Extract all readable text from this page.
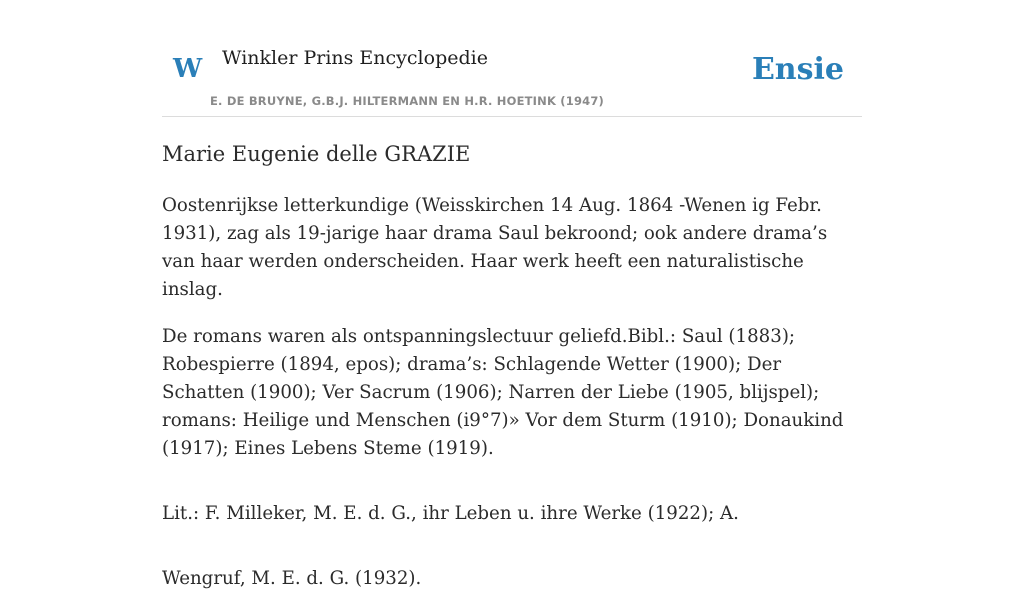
W Winkler Prins Encyclopedie
E. DE BRUYNE, G.B.J. HILTERMANN EN H.R. HOETINK (1947)
Ensie
Marie Eugenie delle GRAZIE

Oostenrijkse letterkundige (Weisskirchen 14 Aug. 1864 -Wenen ig Febr. 1931), zag als 19-jarige haar drama Saul bekroond; ook andere drama’s van haar werden onderscheiden. Haar werk heeft een naturalistische inslag.

De romans waren als ontspanningslectuur geliefd.Bibl.: Saul (1883); Robespierre (1894, epos); drama’s: Schlagende Wetter (1900); Der Schatten (1900); Ver Sacrum (1906); Narren der Liebe (1905, blijspel); romans: Heilige und Menschen (i9°7)» Vor dem Sturm (1910); Donaukind (1917); Eines Lebens Steme (1919).

Lit.: F. Milleker, M. E. d. G., ihr Leben u. ihre Werke (1922); A.

Wengruf, M. E. d. G. (1932).
